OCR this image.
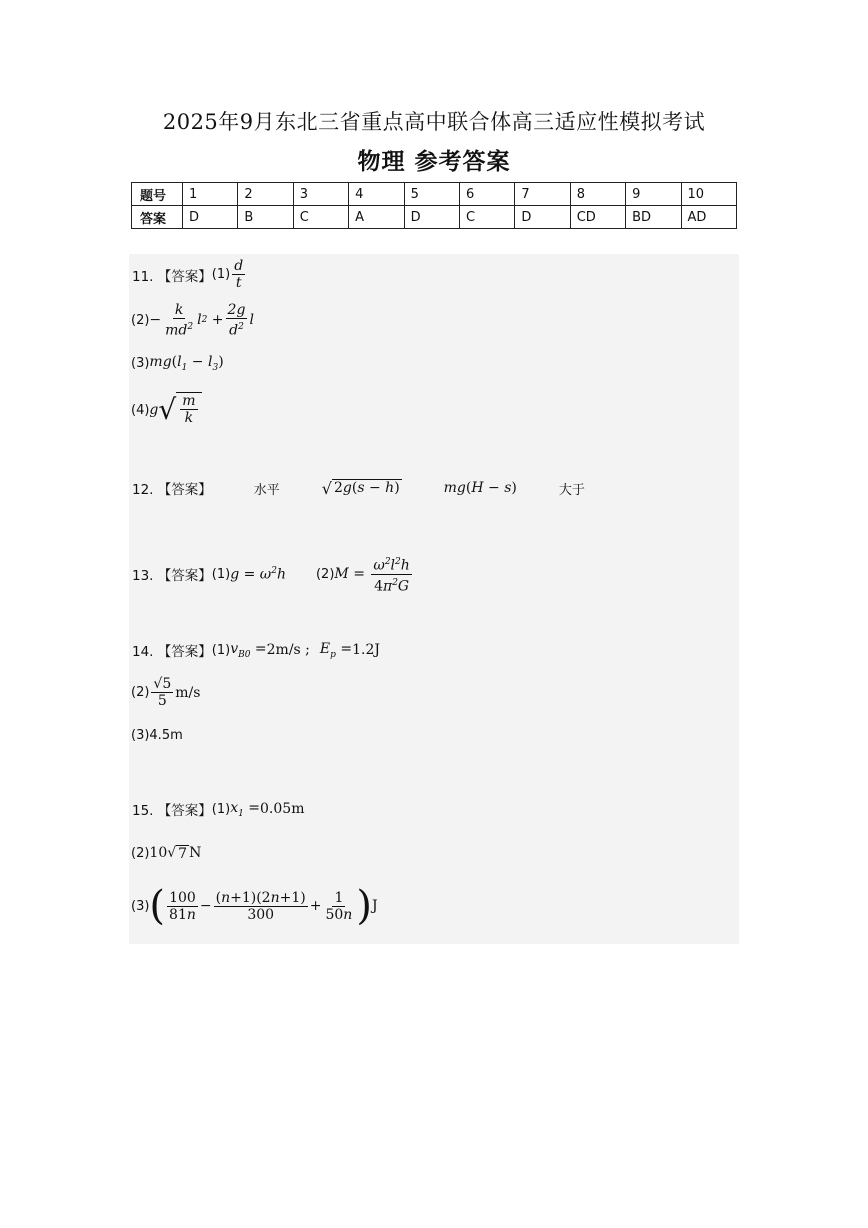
2025年9月东北三省重点高中联合体高三适应性模拟考试
物理 参考答案
题号	1	2	3	4	5	6	7	8	9	10
答案	D	B	C	A	D	C	D	CD	BD	AD
11. 【答案】 $(1) \frac{d}{t}$
$(2) - \frac{k}{md^2}$ l $2 + \frac{2g}{d^2}$ l
(3) $mg(l_1 - l_3)$
(4) g √ $\frac{m}{k}$
12. 【答案】	水平	√ 2g(s − h)	mg(H − s)	大于
13. 【答案】 (1) $g = \omega^2h$ (2) $M = \frac{\omega^2l^2h}{4\pi^2G}$
14. 【答案】 (1) $v_{B0} = 2m/s$ ; $E_p = 1.2J$
$(2) \frac{√5}{5} m/s$
(3)4.5m
15. 【答案】 (1) $x_1 = 0.05m$
(2) 10 √ 7 N
(3) ( $\frac{100}{81n} - \frac{(n+1)(2n+1)}{300} + \frac{1}{50n}$ ) J
